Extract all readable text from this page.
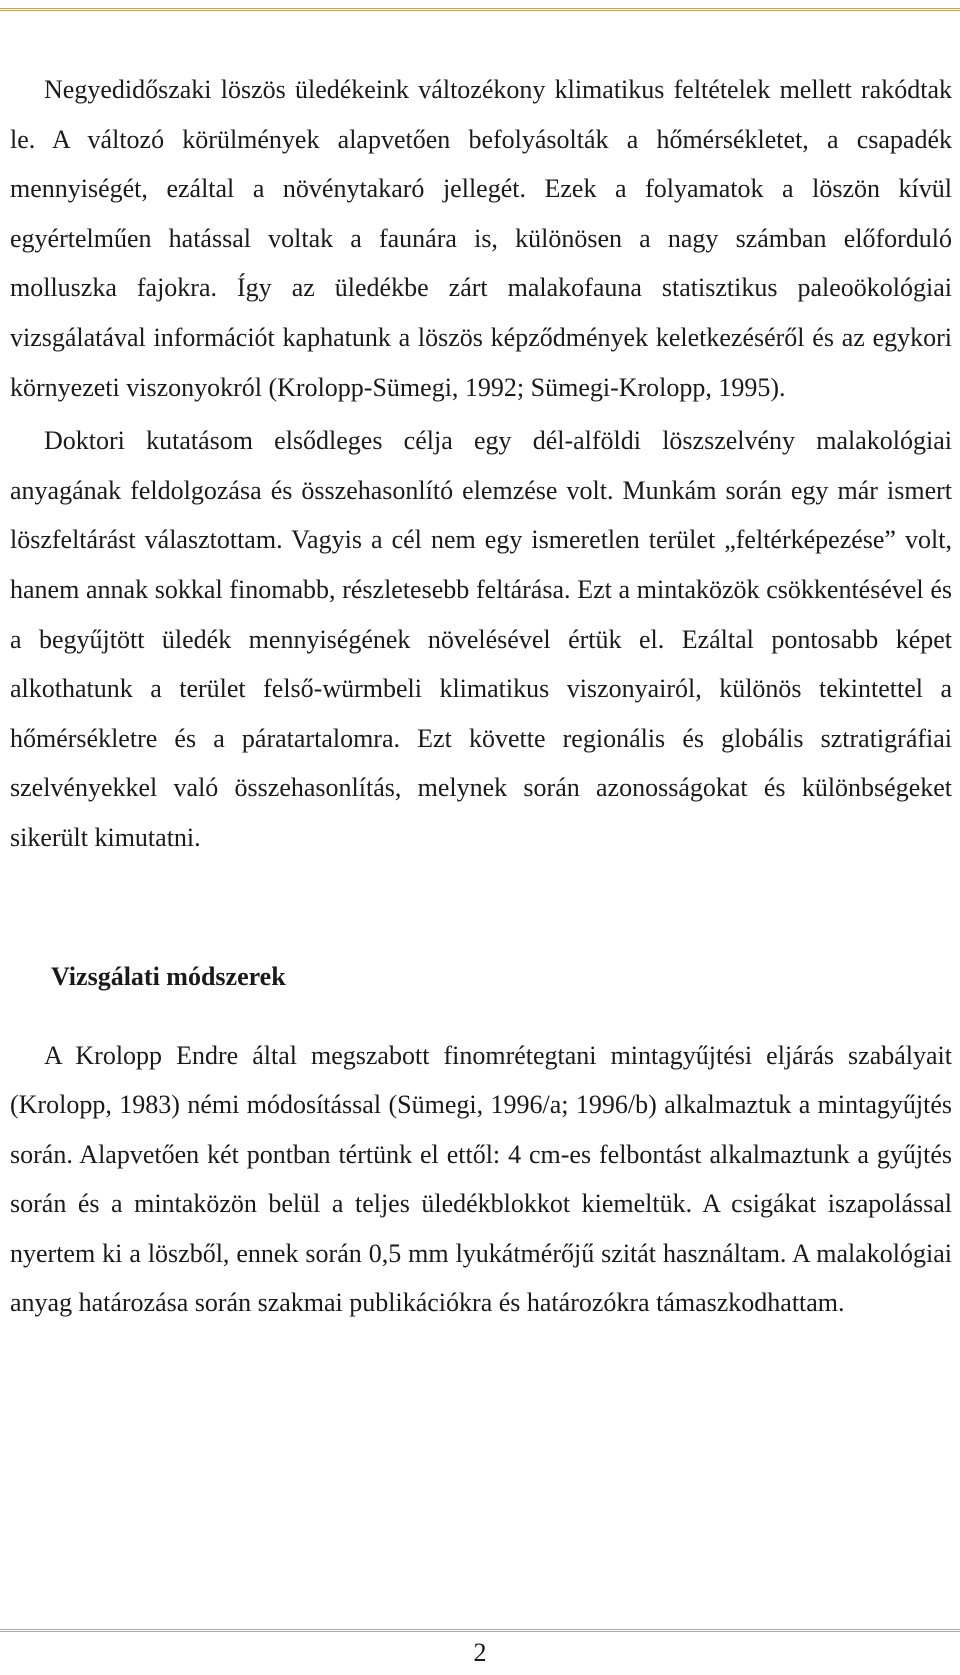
Negyedidőszaki löszös üledékeink változékony klimatikus feltételek mellett rakódtak le. A változó körülmények alapvetően befolyásolták a hőmérsékletet, a csapadék mennyiségét, ezáltal a növénytakaró jellegét. Ezek a folyamatok a löszön kívül egyértelműen hatással voltak a faunára is, különösen a nagy számban előforduló molluszka fajokra. Így az üledékbe zárt malakofauna statisztikus paleoökológiai vizsgálatával információt kaphatunk a löszös képződmények keletkezéséről és az egykori környezeti viszonyokról (Krolopp-Sümegi, 1992; Sümegi-Krolopp, 1995).

Doktori kutatásom elsődleges célja egy dél-alföldi löszszelvény malakológiai anyagának feldolgozása és összehasonlító elemzése volt. Munkám során egy már ismert löszfeltárást választottam. Vagyis a cél nem egy ismeretlen terület „feltérképezése” volt, hanem annak sokkal finomabb, részletesebb feltárása. Ezt a mintaközök csökkentésével és a begyűjtött üledék mennyiségének növelésével értük el. Ezáltal pontosabb képet alkothatunk a terület felső-würmbeli klimatikus viszonyairól, különös tekintettel a hőmérsékletre és a páratartalomra. Ezt követte regionális és globális sztratigráfiai szelvényekkel való összehasonlítás, melynek során azonosságokat és különbségeket sikerült kimutatni.

Vizsgálati módszerek

A Krolopp Endre által megszabott finomrétegtani mintagyűjtési eljárás szabályait (Krolopp, 1983) némi módosítással (Sümegi, 1996/a; 1996/b) alkalmaztuk a mintagyűjtés során. Alapvetően két pontban tértünk el ettől: 4 cm-es felbontást alkalmaztunk a gyűjtés során és a mintaközön belül a teljes üledékblokkot kiemeltük. A csigákat iszapolással nyertem ki a löszből, ennek során 0,5 mm lyukátmérőjű szitát használtam. A malakológiai anyag határozása során szakmai publikációkra és határozókra támaszkodhattam.

2
